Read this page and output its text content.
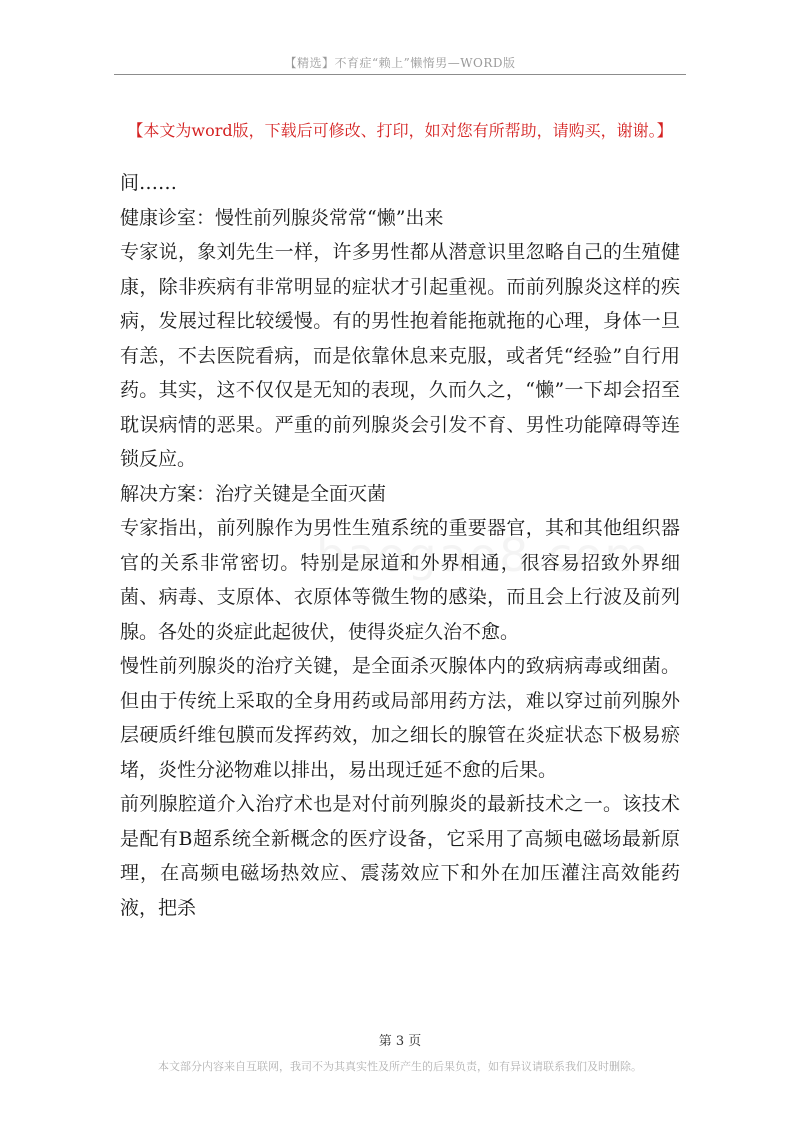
【精选】不育症“赖上”懒惰男—WORD版
【本文为word版，下载后可修改、打印，如对您有所帮助，请购买，谢谢。】

间……

健康诊室：慢性前列腺炎常常“懒”出来

专家说，象刘先生一样，许多男性都从潜意识里忽略自己的生殖健康，除非疾病有非常明显的症状才引起重视。而前列腺炎这样的疾病，发展过程比较缓慢。有的男性抱着能拖就拖的心理，身体一旦有恙，不去医院看病，而是依靠休息来克服，或者凭“经验”自行用药。其实，这不仅仅是无知的表现，久而久之，“懒”一下却会招至耽误病情的恶果。严重的前列腺炎会引发不育、男性功能障碍等连锁反应。

解决方案：治疗关键是全面灭菌

专家指出，前列腺作为男性生殖系统的重要器官，其和其他组织器官的关系非常密切。特别是尿道和外界相通，很容易招致外界细菌、病毒、支原体、衣原体等微生物的感染，而且会上行波及前列腺。各处的炎症此起彼伏，使得炎症久治不愈。

慢性前列腺炎的治疗关键，是全面杀灭腺体内的致病病毒或细菌。但由于传统上采取的全身用药或局部用药方法，难以穿过前列腺外层硬质纤维包膜而发挥药效，加之细长的腺管在炎症状态下极易瘀堵，炎性分泌物难以排出，易出现迁延不愈的后果。

前列腺腔道介入治疗术也是对付前列腺炎的最新技术之一。该技术是配有B超系统全新概念的医疗设备，它采用了高频电磁场最新原理，在高频电磁场热效应、震荡效应下和外在加压灌注高效能药液，把杀

第 3 页
本文部分内容来自互联网，我司不为其真实性及所产生的后果负责，如有异议请联系我们及时删除。
